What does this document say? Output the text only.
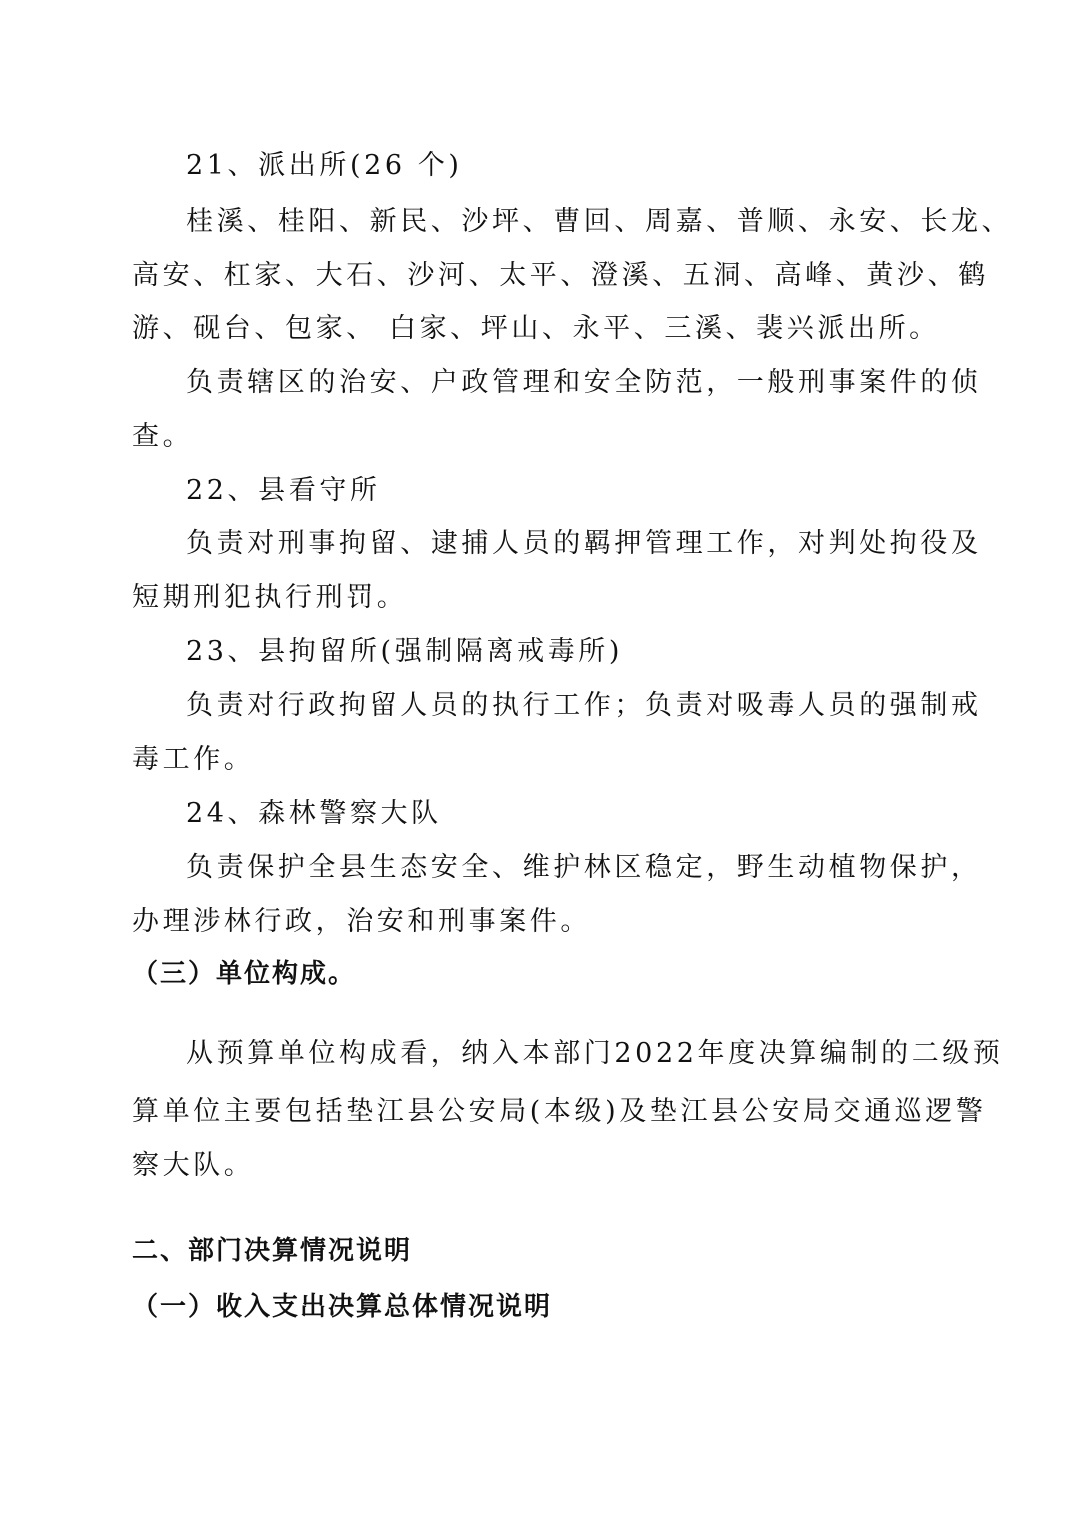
21、派出所(26 个)
桂溪、桂阳、新民、沙坪、曹回、周嘉、普顺、永安、长龙、
高安、杠家、大石、沙河、太平、澄溪、五洞、高峰、黄沙、鹤
游、砚台、包家、 白家、坪山、永平、三溪、裴兴派出所。
负责辖区的治安、户政管理和安全防范，一般刑事案件的侦
查。
22、县看守所
负责对刑事拘留、逮捕人员的羁押管理工作，对判处拘役及
短期刑犯执行刑罚。
23、县拘留所(强制隔离戒毒所)
负责对行政拘留人员的执行工作；负责对吸毒人员的强制戒
毒工作。
24、森林警察大队
负责保护全县生态安全、维护林区稳定，野生动植物保护，
办理涉林行政，治安和刑事案件。
（三）单位构成。
从预算单位构成看，纳入本部门2022年度决算编制的二级预
算单位主要包括垫江县公安局(本级)及垫江县公安局交通巡逻警
察大队。
二、部门决算情况说明
（一）收入支出决算总体情况说明
